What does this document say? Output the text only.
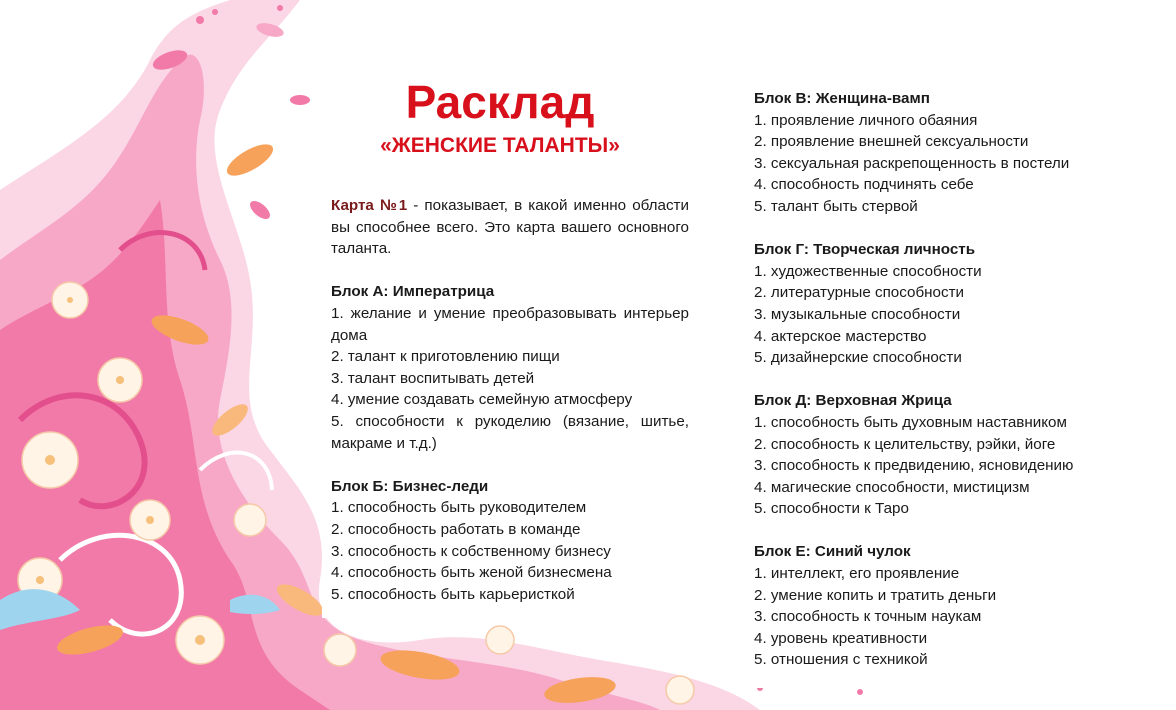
Расклад
«ЖЕНСКИЕ ТАЛАНТЫ»

Карта №1 - показывает, в какой именно области вы способнее всего. Это карта вашего основного таланта.

Блок А: Императрица
1. желание и умение преобразовывать интерьер дома
2. талант к приготовлению пищи
3. талант воспитывать детей
4. умение создавать семейную атмосферу
5. способности к рукоделию (вязание, шитье, макраме и т.д.)
Блок Б: Бизнес-леди
1. способность быть руководителем
2. способность работать в команде
3. способность к собственному бизнесу
4. способность быть женой бизнесмена
5. способность быть карьеристкой
Блок В: Женщина-вамп
1. проявление личного обаяния
2. проявление внешней сексуальности
3. сексуальная раскрепощенность в постели
4. способность подчинять себе
5. талант быть стервой
Блок Г: Творческая личность
1. художественные способности
2. литературные способности
3. музыкальные способности
4. актерское мастерство
5. дизайнерские способности
Блок Д: Верховная Жрица
1. способность быть духовным наставником
2. способность к целительству, рэйки, йоге
3. способность к предвидению, ясновидению
4. магические способности, мистицизм
5. способности к Таро
Блок Е: Синий чулок
1. интеллект, его проявление
2. умение копить и тратить деньги
3. способность к точным наукам
4. уровень креативности
5. отношения с техникой
